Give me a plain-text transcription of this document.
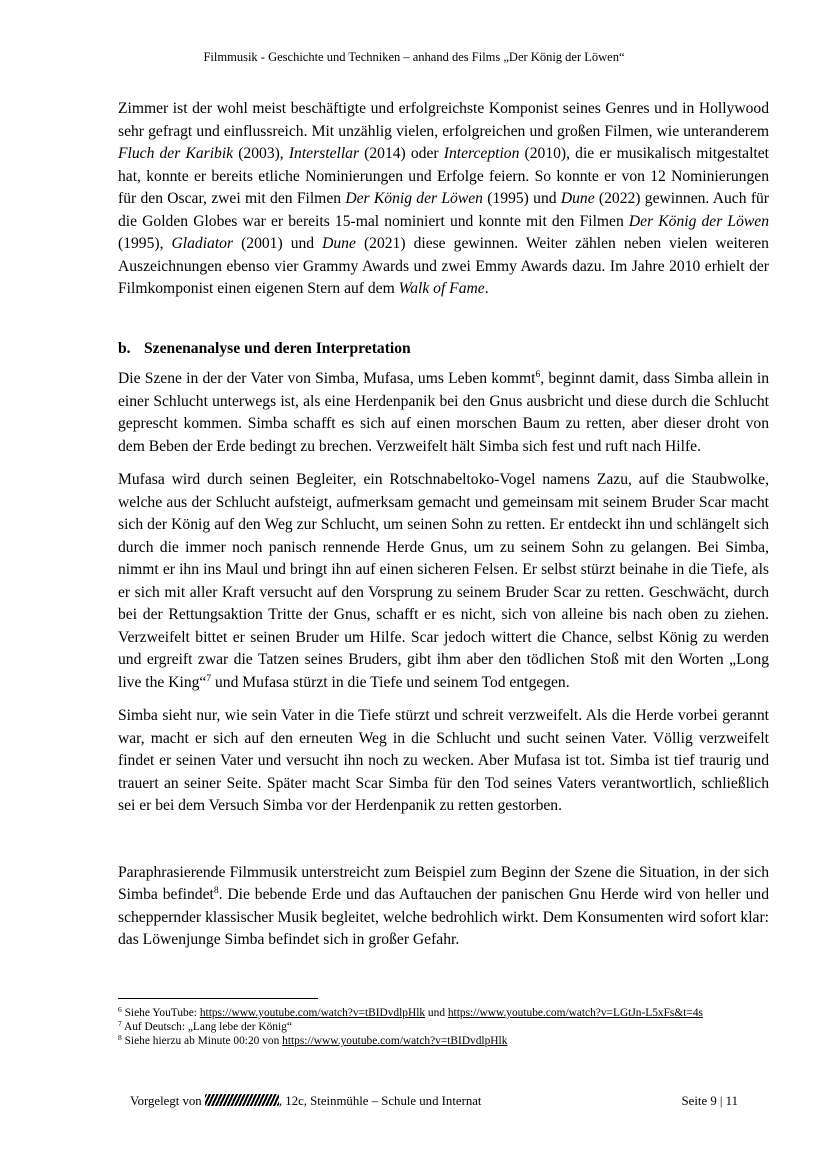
Filmmusik - Geschichte und Techniken – anhand des Films „Der König der Löwen“

Zimmer ist der wohl meist beschäftigte und erfolgreichste Komponist seines Genres und in Hollywood sehr gefragt und einflussreich. Mit unzählig vielen, erfolgreichen und großen Filmen, wie unteranderem Fluch der Karibik (2003), Interstellar (2014) oder Interception (2010), die er musikalisch mitgestaltet hat, konnte er bereits etliche Nominierungen und Erfolge feiern. So konnte er von 12 Nominierungen für den Oscar, zwei mit den Filmen Der König der Löwen (1995) und Dune (2022) gewinnen. Auch für die Golden Globes war er bereits 15-mal nominiert und konnte mit den Filmen Der König der Löwen (1995), Gladiator (2001) und Dune (2021) diese gewinnen. Weiter zählen neben vielen weiteren Auszeichnungen ebenso vier Grammy Awards und zwei Emmy Awards dazu. Im Jahre 2010 erhielt der Filmkomponist einen eigenen Stern auf dem Walk of Fame.

b. Szenenanalyse und deren Interpretation

Die Szene in der der Vater von Simba, Mufasa, ums Leben kommt$^6$, beginnt damit, dass Simba allein in einer Schlucht unterwegs ist, als eine Herdenpanik bei den Gnus ausbricht und diese durch die Schlucht geprescht kommen. Simba schafft es sich auf einen morschen Baum zu retten, aber dieser droht von dem Beben der Erde bedingt zu brechen. Verzweifelt hält Simba sich fest und ruft nach Hilfe.

Mufasa wird durch seinen Begleiter, ein Rotschnabeltoko-Vogel namens Zazu, auf die Staubwolke, welche aus der Schlucht aufsteigt, aufmerksam gemacht und gemeinsam mit seinem Bruder Scar macht sich der König auf den Weg zur Schlucht, um seinen Sohn zu retten. Er entdeckt ihn und schlängelt sich durch die immer noch panisch rennende Herde Gnus, um zu seinem Sohn zu gelangen. Bei Simba, nimmt er ihn ins Maul und bringt ihn auf einen sicheren Felsen. Er selbst stürzt beinahe in die Tiefe, als er sich mit aller Kraft versucht auf den Vorsprung zu seinem Bruder Scar zu retten. Geschwächt, durch bei der Rettungsaktion Tritte der Gnus, schafft er es nicht, sich von alleine bis nach oben zu ziehen. Verzweifelt bittet er seinen Bruder um Hilfe. Scar jedoch wittert die Chance, selbst König zu werden und ergreift zwar die Tatzen seines Bruders, gibt ihm aber den tödlichen Stoß mit den Worten „Long live the King“$^7$ und Mufasa stürzt in die Tiefe und seinem Tod entgegen.

Simba sieht nur, wie sein Vater in die Tiefe stürzt und schreit verzweifelt. Als die Herde vorbei gerannt war, macht er sich auf den erneuten Weg in die Schlucht und sucht seinen Vater. Völlig verzweifelt findet er seinen Vater und versucht ihn noch zu wecken. Aber Mufasa ist tot. Simba ist tief traurig und trauert an seiner Seite. Später macht Scar Simba für den Tod seines Vaters verantwortlich, schließlich sei er bei dem Versuch Simba vor der Herdenpanik zu retten gestorben.

Paraphrasierende Filmmusik unterstreicht zum Beispiel zum Beginn der Szene die Situation, in der sich Simba befindet$^8$. Die bebende Erde und das Auftauchen der panischen Gnu Herde wird von heller und scheppernder klassischer Musik begleitet, welche bedrohlich wirkt. Dem Konsumenten wird sofort klar: das Löwenjunge Simba befindet sich in großer Gefahr.

$^6$ Siehe YouTube: https://www.youtube.com/watch?v=tBIDvdlpHlk und https://www.youtube.com/watch?v=LGtJn-L5xFs&t=4s

$^7$ Auf Deutsch: „Lang lebe der König“

$^8$ Siehe hierzu ab Minute 00:20 von https://www.youtube.com/watch?v=tBIDvdlpHlk

Vorgelegt von	, 12c, Steinmühle – Schule und Internat	Seite 9 | 11
